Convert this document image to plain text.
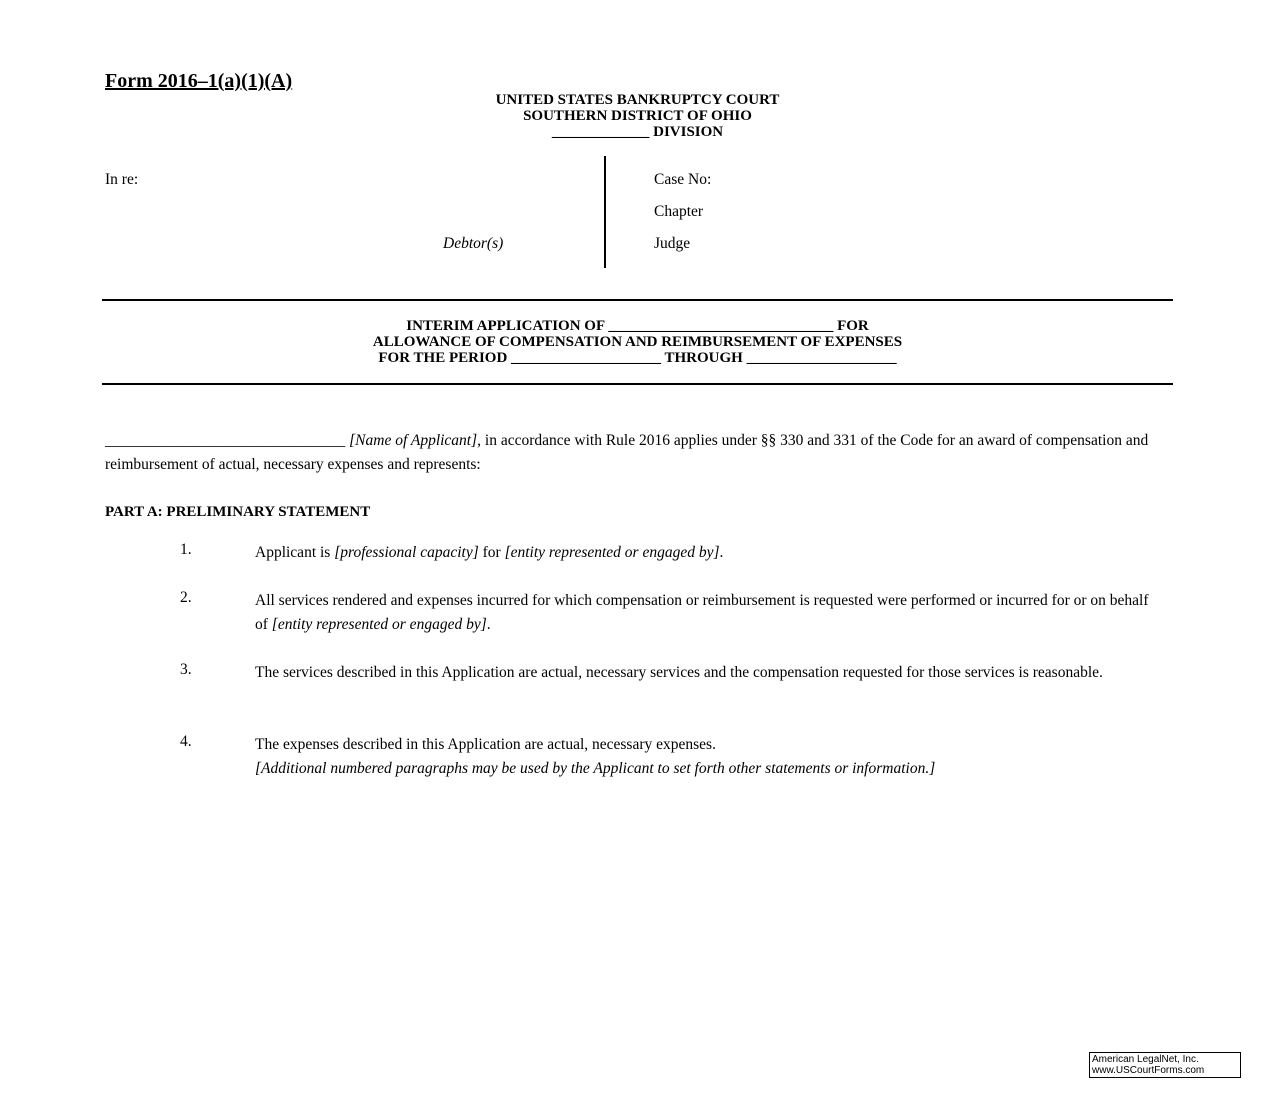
Form 2016–1(a)(1)(A)
UNITED STATES BANKRUPTCY COURT
SOUTHERN DISTRICT OF OHIO
_____________ DIVISION
In re:
Debtor(s)
Case No:
Chapter
Judge
INTERIM APPLICATION OF ______________________________ FOR
ALLOWANCE OF COMPENSATION AND REIMBURSEMENT OF EXPENSES
FOR THE PERIOD ____________________ THROUGH ____________________
_______________________________ [Name of Applicant], in accordance with Rule 2016 applies under §§ 330 and 331 of the Code for an award of compensation and reimbursement of actual, necessary expenses and represents:
PART A: PRELIMINARY STATEMENT
1.	Applicant is [professional capacity] for [entity represented or engaged by].
2.	All services rendered and expenses incurred for which compensation or reimbursement is requested were performed or incurred for or on behalf of [entity represented or engaged by].
3.	The services described in this Application are actual, necessary services and the compensation requested for those services is reasonable.
4.	The expenses described in this Application are actual, necessary expenses.
[Additional numbered paragraphs may be used by the Applicant to set forth other statements or information.]
American LegalNet, Inc.
www.USCourtForms.com
